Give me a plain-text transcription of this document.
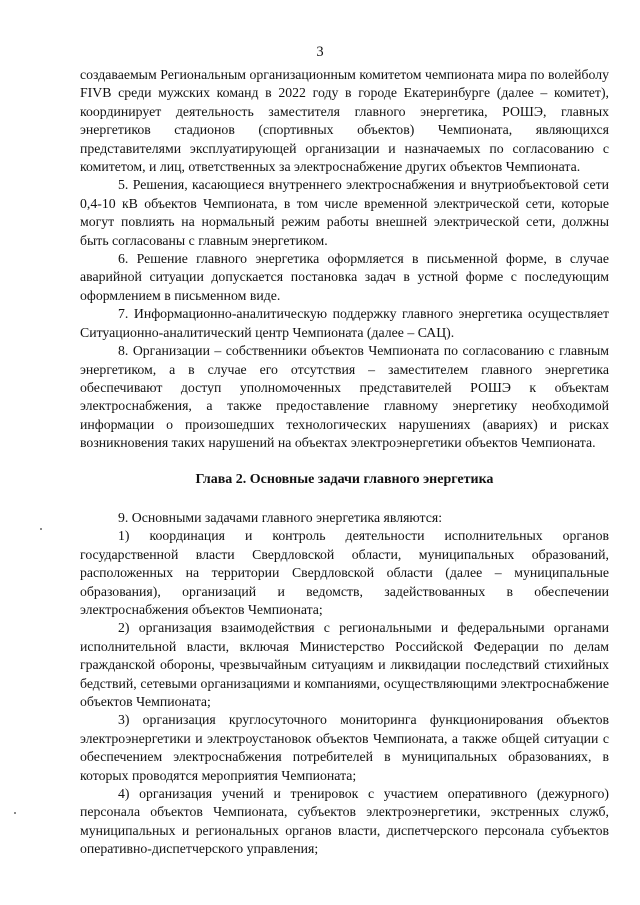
3

создаваемым Региональным организационным комитетом чемпионата мира по волейболу FIVB среди мужских команд в 2022 году в городе Екатеринбурге (далее – комитет), координирует деятельность заместителя главного энергетика, РОШЭ, главных энергетиков стадионов (спортивных объектов) Чемпионата, являющихся представителями эксплуатирующей организации и назначаемых по согласованию с комитетом, и лиц, ответственных за электроснабжение других объектов Чемпионата.

5. Решения, касающиеся внутреннего электроснабжения и внутриобъектовой сети 0,4-10 кВ объектов Чемпионата, в том числе временной электрической сети, которые могут повлиять на нормальный режим работы внешней электрической сети, должны быть согласованы с главным энергетиком.

6. Решение главного энергетика оформляется в письменной форме, в случае аварийной ситуации допускается постановка задач в устной форме с последующим оформлением в письменном виде.

7. Информационно-аналитическую поддержку главного энергетика осуществляет Ситуационно-аналитический центр Чемпионата (далее – САЦ).

8. Организации – собственники объектов Чемпионата по согласованию с главным энергетиком, а в случае его отсутствия – заместителем главного энергетика обеспечивают доступ уполномоченных представителей РОШЭ к объектам электроснабжения, а также предоставление главному энергетику необходимой информации о произошедших технологических нарушениях (авариях) и рисках возникновения таких нарушений на объектах электроэнергетики объектов Чемпионата.

Глава 2. Основные задачи главного энергетика

9. Основными задачами главного энергетика являются:

1) координация и контроль деятельности исполнительных органов государственной власти Свердловской области, муниципальных образований, расположенных на территории Свердловской области (далее – муниципальные образования), организаций и ведомств, задействованных в обеспечении электроснабжения объектов Чемпионата;

2) организация взаимодействия с региональными и федеральными органами исполнительной власти, включая Министерство Российской Федерации по делам гражданской обороны, чрезвычайным ситуациям и ликвидации последствий стихийных бедствий, сетевыми организациями и компаниями, осуществляющими электроснабжение объектов Чемпионата;

3) организация круглосуточного мониторинга функционирования объектов электроэнергетики и электроустановок объектов Чемпионата, а также общей ситуации с обеспечением электроснабжения потребителей в муниципальных образованиях, в которых проводятся мероприятия Чемпионата;

4) организация учений и тренировок с участием оперативного (дежурного) персонала объектов Чемпионата, субъектов электроэнергетики, экстренных служб, муниципальных и региональных органов власти, диспетчерского персонала субъектов оперативно-диспетчерского управления;
